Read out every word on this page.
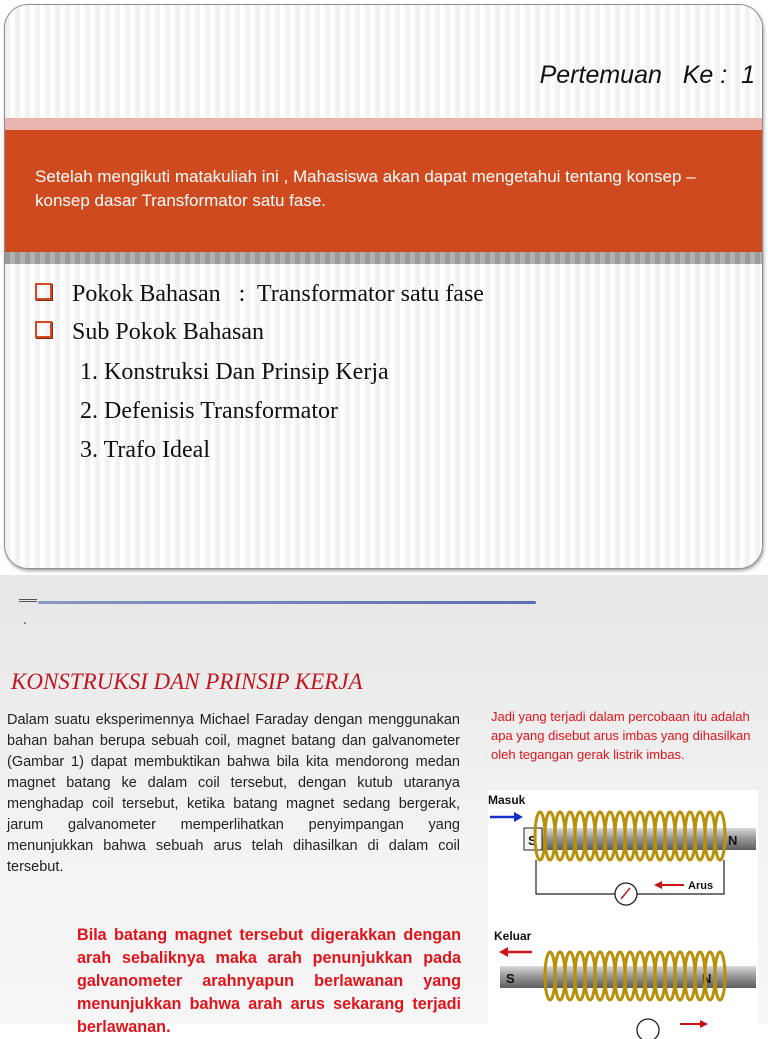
Pertemuan   Ke :  1
Setelah mengikuti matakuliah ini , Mahasiswa akan dapat mengetahui tentang konsep – konsep dasar Transformator satu fase.
Pokok Bahasan   :  Transformator satu fase
Sub Pokok Bahasan
1. Konstruksi Dan Prinsip Kerja
2. Defenisis Transformator
3. Trafo Ideal
KONSTRUKSI DAN PRINSIP KERJA
Dalam suatu eksperimennya Michael Faraday dengan menggunakan bahan bahan berupa sebuah coil, magnet batang dan galvanometer (Gambar 1) dapat membuktikan bahwa bila kita mendorong medan magnet batang ke dalam coil tersebut, dengan kutub utaranya menghadap coil tersebut, ketika batang magnet sedang bergerak, jarum galvanometer memperlihatkan penyimpangan yang menunjukkan bahwa sebuah arus telah dihasilkan di dalam coil tersebut.
Bila batang magnet tersebut digerakkan dengan arah sebaliknya maka arah penunjukkan pada galvanometer arahnyapun berlawanan yang menunjukkan bahwa arah arus sekarang terjadi berlawanan.
Jadi yang terjadi dalam percobaan itu adalah apa yang disebut arus imbas yang dihasilkan oleh tegangan gerak listrik imbas.
Masuk
S	N
Arus
Keluar
S	N
